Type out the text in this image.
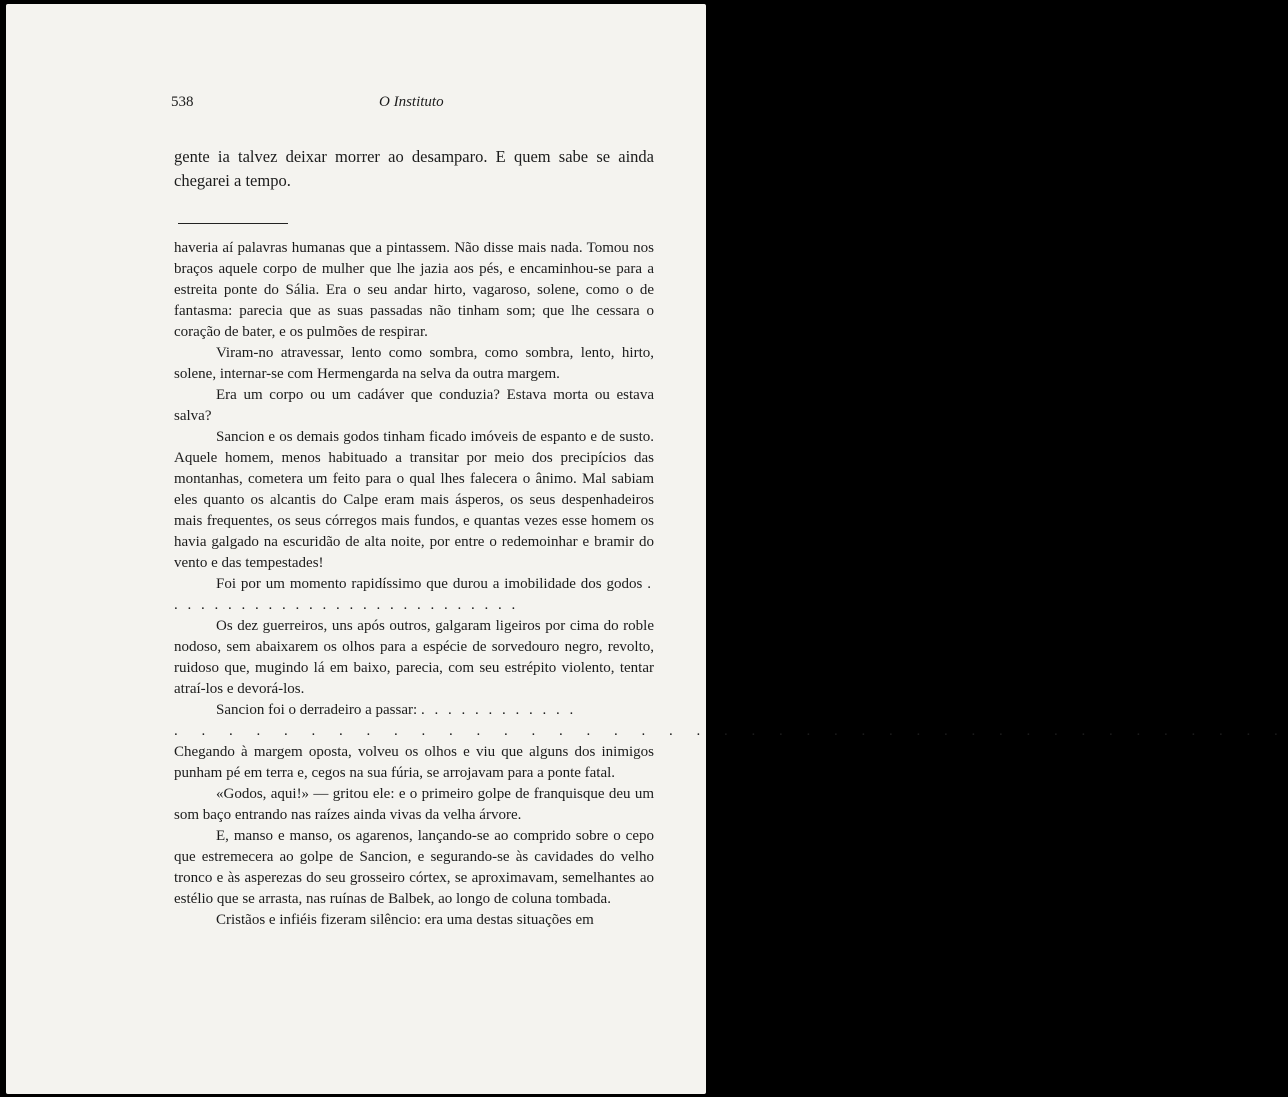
538	O Instituto

gente ia talvez deixar morrer ao desamparo. E quem sabe se ainda chegarei a tempo.

haveria aí palavras humanas que a pintassem. Não disse mais nada. Tomou nos braços aquele corpo de mulher que lhe jazia aos pés, e encaminhou-se para a estreita ponte do Sália. Era o seu andar hirto, vagaroso, solene, como o de fantasma: parecia que as suas passadas não tinham som; que lhe cessara o coração de bater, e os pulmões de respirar.

Viram-no atravessar, lento como sombra, como sombra, lento, hirto, solene, internar-se com Hermengarda na selva da outra margem.

Era um corpo ou um cadáver que conduzia? Estava morta ou estava salva?

Sancion e os demais godos tinham ficado imóveis de espanto e de susto. Aquele homem, menos habituado a transitar por meio dos precipícios das montanhas, cometera um feito para o qual lhes falecera o ânimo. Mal sabiam eles quanto os alcantis do Calpe eram mais ásperos, os seus despenhadeiros mais frequentes, os seus córregos mais fundos, e quantas vezes esse homem os havia galgado na escuridão de alta noite, por entre o redemoinhar e bramir do vento e das tempestades!

Foi por um momento rapidíssimo que durou a imobilidade dos godos . . . . . . . . . . . . . . . . . . . . . . . . . . .

Os dez guerreiros, uns após outros, galgaram ligeiros por cima do roble nodoso, sem abaixarem os olhos para a espécie de sorvedouro negro, revolto, ruidoso que, mugindo lá em baixo, parecia, com seu estrépito violento, tentar atraí-los e devorá-los.

Sancion foi o derradeiro a passar: . . . . . . . . . . . .

. . . . . . . . . . . . . . . . . . . . . . . . . . . . . . . . . . . . . . . . .

Chegando à margem oposta, volveu os olhos e viu que alguns dos inimigos punham pé em terra e, cegos na sua fúria, se arrojavam para a ponte fatal.

«Godos, aqui!» — gritou ele: e o primeiro golpe de franquisque deu um som baço entrando nas raízes ainda vivas da velha árvore.

E, manso e manso, os agarenos, lançando-se ao comprido sobre o cepo que estremecera ao golpe de Sancion, e segurando-se às cavidades do velho tronco e às asperezas do seu grosseiro córtex, se aproximavam, semelhantes ao estélio que se arrasta, nas ruínas de Balbek, ao longo de coluna tombada.

Cristãos e infiéis fizeram silêncio: era uma destas situações em
